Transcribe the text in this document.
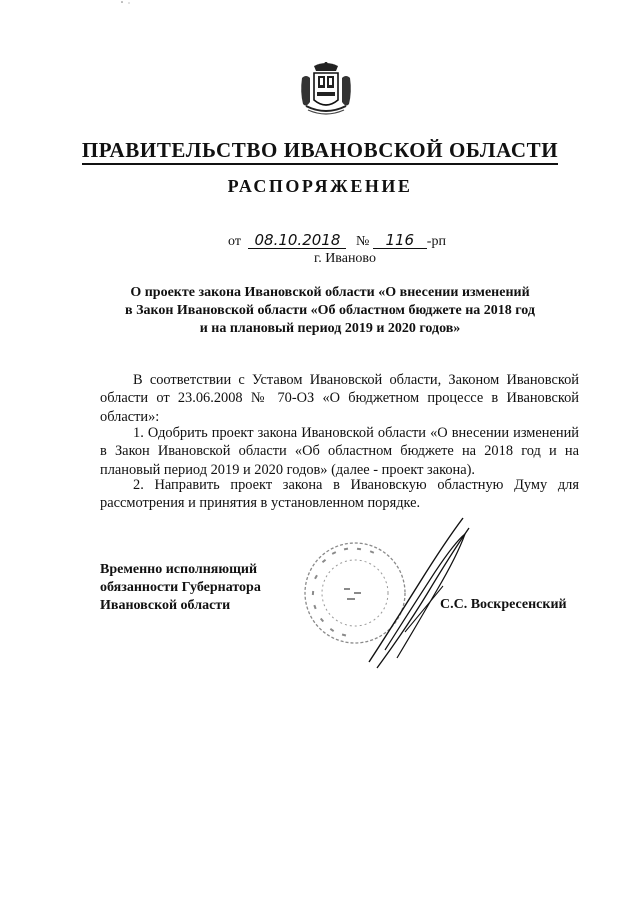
ПРАВИТЕЛЬСТВО ИВАНОВСКОЙ ОБЛАСТИ
РАСПОРЯЖЕНИЕ
от 08.10.2018 № 116 -рп
г. Иваново
О проекте закона Ивановской области «О внесении изменений
в Закон Ивановской области «Об областном бюджете на 2018 год
и на плановый период 2019 и 2020 годов»
В соответствии с Уставом Ивановской области, Законом Ивановской области от 23.06.2008 № 70-ОЗ «О бюджетном процессе в Ивановской области»:
1. Одобрить проект закона Ивановской области «О внесении изменений в Закон Ивановской области «Об областном бюджете на 2018 год и на плановый период 2019 и 2020 годов» (далее - проект закона).
2. Направить проект закона в Ивановскую областную Думу для рассмотрения и принятия в установленном порядке.
Временно исполняющий
обязанности Губернатора
Ивановской области	С.С. Воскресенский
